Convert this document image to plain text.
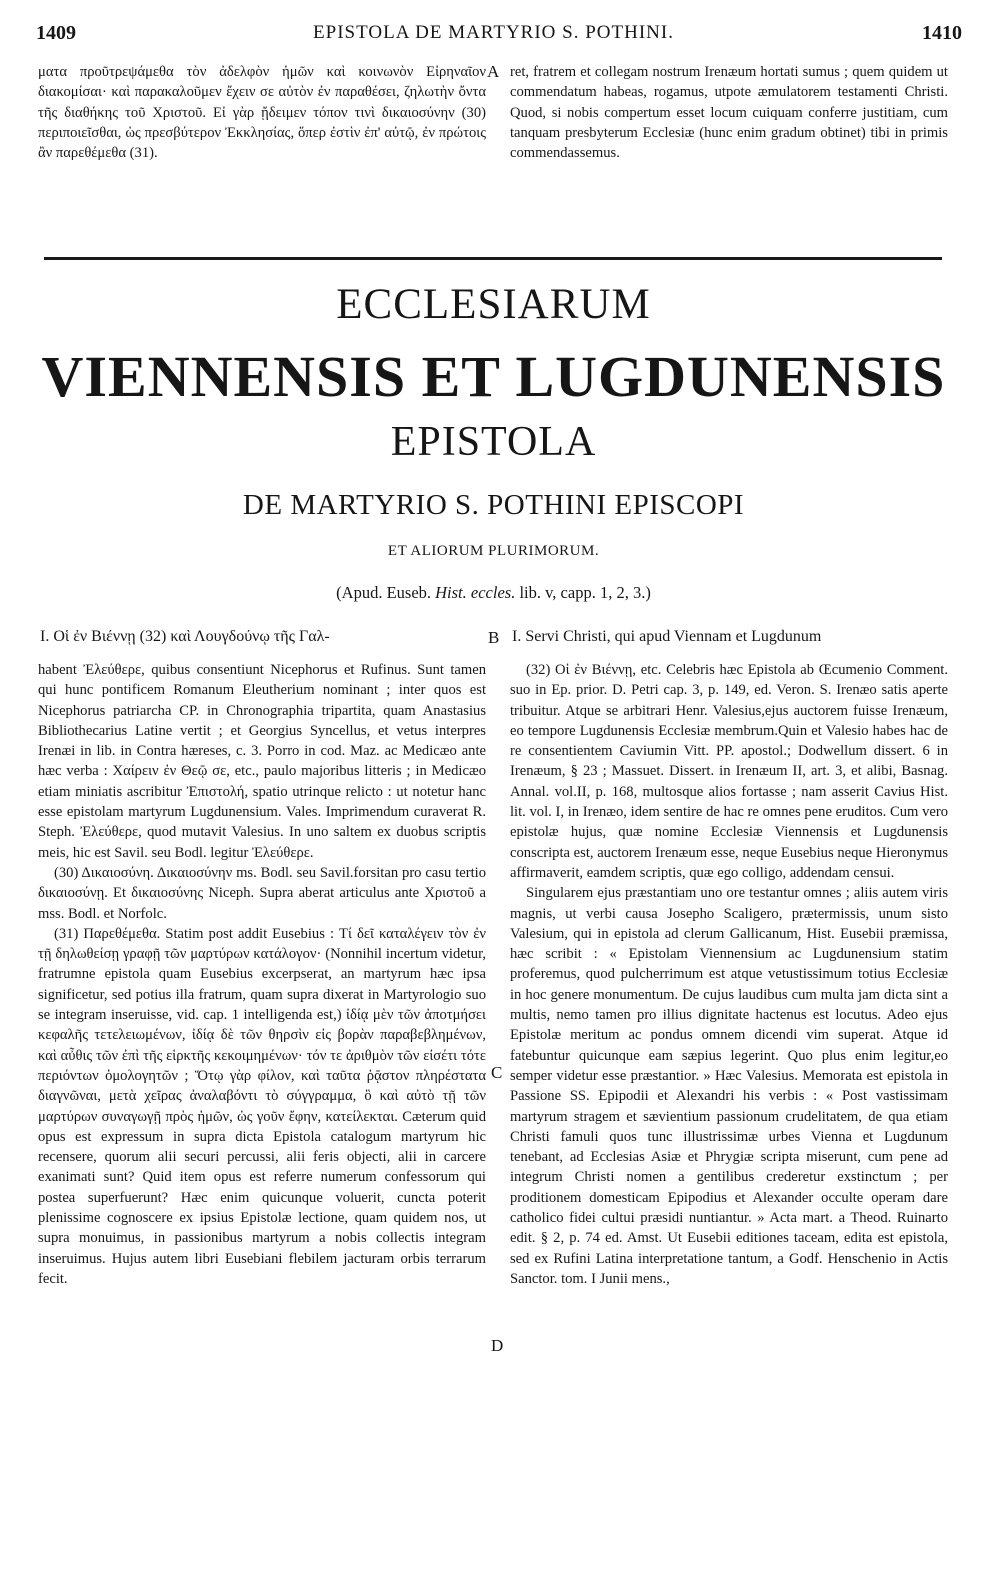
1409	EPISTOLA DE MARTYRIO S. POTHINI.	1410

ματα προῦτρεψάμεθα τὸν ἀδελφὸν ἡμῶν καὶ κοινωνὸν Εἰρηναῖον διακομίσαι· καὶ παρακαλοῦμεν ἔχειν σε αὐτὸν ἐν παραθέσει, ζηλωτὴν ὄντα τῆς διαθήκης τοῦ Χριστοῦ. Εἰ γὰρ ᾔδειμεν τόπον τινὶ δικαιοσύνην (30) περιποιεῖσθαι, ὡς πρεσβύτερον Ἐκκλησίας, ὅπερ ἐστὶν ἐπ' αὐτῷ, ἐν πρώτοις ἂν παρεθέμεθα (31).

A ret, fratrem et collegam nostrum Irenæum hortati sumus ; quem quidem ut commendatum habeas, rogamus, utpote æmulatorem testamenti Christi. Quod, si nobis compertum esset locum cuiquam conferre justitiam, cum tanquam presbyterum Ecclesiæ (hunc enim gradum obtinet) tibi in primis commendassemus.

ECCLESIARUM
VIENNENSIS ET LUGDUNENSIS
EPISTOLA
DE MARTYRIO S. POTHINI EPISCOPI
ET ALIORUM PLURIMORUM.
(Apud. Euseb. Hist. eccles. lib. v, capp. 1, 2, 3.)
I. Οἱ ἐν Βιέννῃ (32) καὶ Λουγδούνῳ τῆς Γαλ-	B I. Servi Christi, qui apud Viennam et Lugdunum

habent Ἐλεύθερε, quibus consentiunt Nicephorus et Rufinus. Sunt tamen qui hunc pontificem Romanum Eleutherium nominant ; inter quos est Nicephorus patriarcha CP. in Chronographia tripartita, quam Anastasius Bibliothecarius Latine vertit ; et Georgius Syncellus, et vetus interpres Irenæi in lib. in Contra hæreses, c. 3. Porro in cod. Maz. ac Medicæo ante hæc verba : Χαίρειν ἐν Θεῷ σε, etc., paulo majoribus litteris ; in Medicæo etiam miniatis ascribitur Ἐπιστολή, spatio utrinque relicto : ut notetur hanc esse epistolam martyrum Lugdunensium. Vales. Imprimendum curaverat R. Steph. Ἐλεύθερε, quod mutavit Valesius. In uno saltem ex duobus scriptis meis, hic est Savil. seu Bodl. legitur Ἐλεύθερε.

(30) Δικαιοσύνη. Δικαιοσύνην ms. Bodl. seu Savil.forsitan pro casu tertio δικαιοσύνῃ. Et δικαιοσύνης Niceph. Supra aberat articulus ante Χριστοῦ a mss. Bodl. et Norfolc.

(31) Παρεθέμεθα. Statim post addit Eusebius : Τί δεῖ καταλέγειν τὸν ἐν τῇ δηλωθείσῃ γραφῇ τῶν μαρτύρων κατάλογον· (Nonnihil incertum videtur, fratrumne epistola quam Eusebius excerpserat, an martyrum hæc ipsa significetur, sed potius illa fratrum, quam supra dixerat in Martyrologio suo se integram inseruisse, vid. cap. 1 intelligenda est,) ἰδίᾳ μὲν τῶν ἀποτμήσει κεφαλῆς τετελειωμένων, ἰδίᾳ δὲ τῶν θηρσὶν εἰς βορὰν παραβεβλημένων, καὶ αὖθις τῶν ἐπὶ τῆς εἱρκτῆς κεκοιμημένων· τόν τε ἀριθμὸν τῶν εἰσέτι τότε περιόντων ὁμολογητῶν ; Ὅτῳ γὰρ φίλον, καὶ ταῦτα ῥᾷστον πληρέστατα διαγνῶναι, μετὰ χεῖρας ἀναλαβόντι τὸ σύγγραμμα, ὃ καὶ αὐτὸ τῇ τῶν μαρτύρων συναγωγῇ πρὸς ἡμῶν, ὡς γοῦν ἔφην, κατείλεκται. Cæterum quid opus est expressum in supra dicta Epistola catalogum martyrum hic recensere, quorum alii securi percussi, alii feris objecti, alii in carcere exanimati sunt? Quid item opus est referre numerum confessorum qui postea superfuerunt? Hæc enim quicunque voluerit, cuncta poterit plenissime cognoscere ex ipsius Epistolæ lectione, quam quidem nos, ut supra monuimus, in passionibus martyrum a nobis collectis integram inseruimus. Hujus autem libri Eusebiani flebilem jacturam orbis terrarum fecit.

C
D

(32) Οἱ ἐν Βιέννῃ, etc. Celebris hæc Epistola ab Œcumenio Comment. suo in Ep. prior. D. Petri cap. 3, p. 149, ed. Veron. S. Irenæo satis aperte tribuitur. Atque se arbitrari Henr. Valesius,ejus auctorem fuisse Irenæum, eo tempore Lugdunensis Ecclesiæ membrum.Quin et Valesio habes hac de re consentientem Caviumin Vitt. PP. apostol.; Dodwellum dissert. 6 in Irenæum, § 23 ; Massuet. Dissert. in Irenæum II, art. 3, et alibi, Basnag. Annal. vol.II, p. 168, multosque alios fortasse ; nam asserit Cavius Hist. lit. vol. I, in Irenæo, idem sentire de hac re omnes pene eruditos. Cum vero epistolæ hujus, quæ nomine Ecclesiæ Viennensis et Lugdunensis conscripta est, auctorem Irenæum esse, neque Eusebius neque Hieronymus affirmaverit, eamdem scriptis, quæ ego colligo, addendam censui.

Singularem ejus præstantiam uno ore testantur omnes ; aliis autem viris magnis, ut verbi causa Josepho Scaligero, prætermissis, unum sisto Valesium, qui in epistola ad clerum Gallicanum, Hist. Eusebii præmissa, hæc scribit : « Epistolam Viennensium ac Lugdunensium statim proferemus, quod pulcherrimum est atque vetustissimum totius Ecclesiæ in hoc genere monumentum. De cujus laudibus cum multa jam dicta sint a multis, nemo tamen pro illius dignitate hactenus est locutus. Adeo ejus Epistolæ meritum ac pondus omnem dicendi vim superat. Atque id fatebuntur quicunque eam sæpius legerint. Quo plus enim legitur,eo semper videtur esse præstantior. » Hæc Valesius. Memorata est epistola in Passione SS. Epipodii et Alexandri his verbis : « Post vastissimam martyrum stragem et sævientium passionum crudelitatem, de qua etiam Christi famuli quos tunc illustrissimæ urbes Vienna et Lugdunum tenebant, ad Ecclesias Asiæ et Phrygiæ scripta miserunt, cum pene ad integrum Christi nomen a gentilibus crederetur exstinctum ; per proditionem domesticam Epipodius et Alexander occulte operam dare catholico fidei cultui præsidi nuntiantur. » Acta mart. a Theod. Ruinarto edit. § 2, p. 74 ed. Amst. Ut Eusebii editiones taceam, edita est epistola, sed ex Rufini Latina interpretatione tantum, a Godf. Henschenio in Actis Sanctor. tom. I Junii mens.,
